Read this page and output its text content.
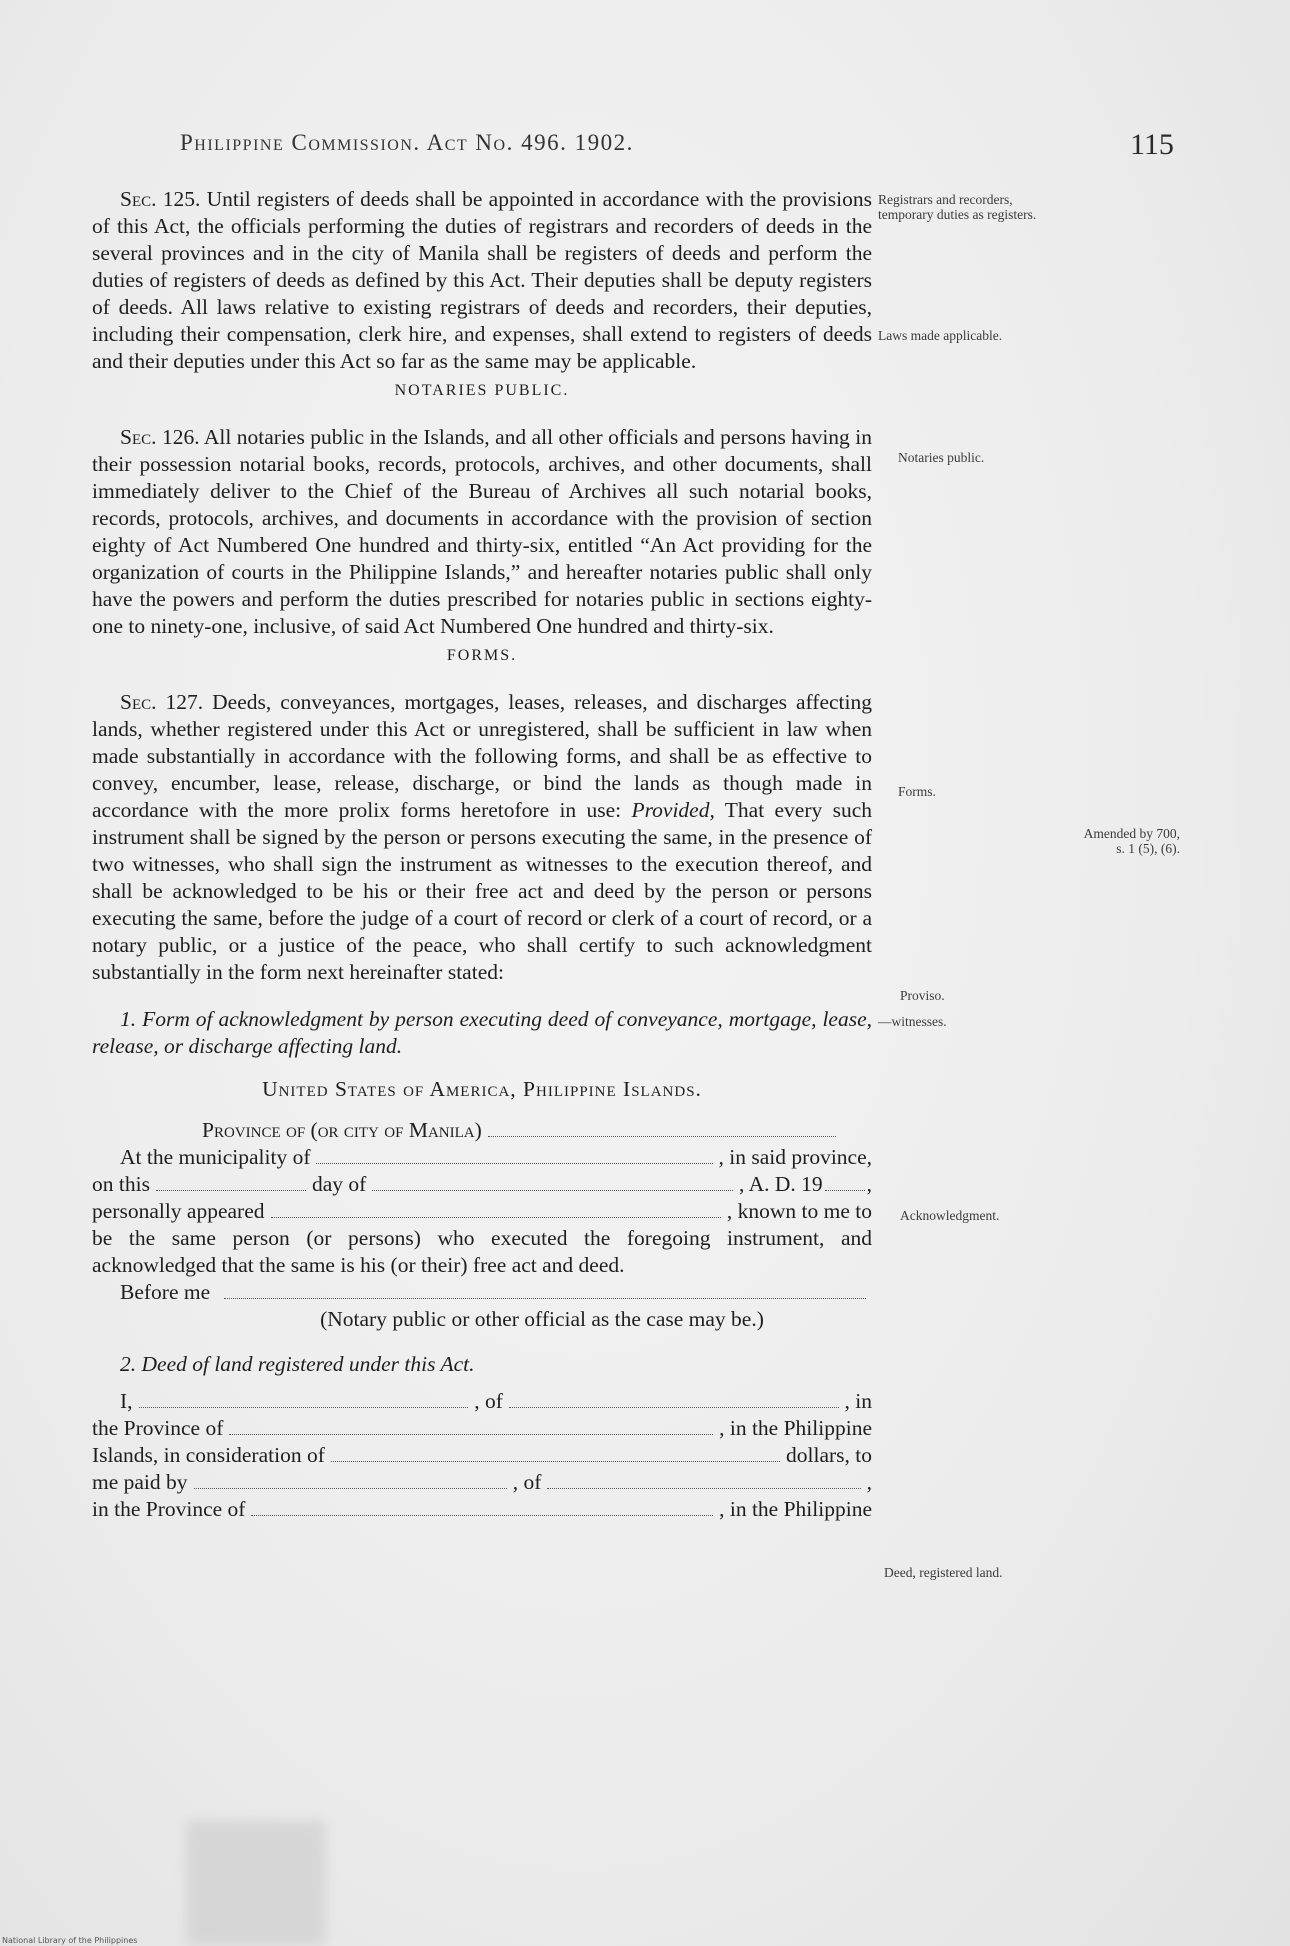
Philippine Commission. Act No. 496. 1902.	115

Sec. 125. Until registers of deeds shall be appointed in accordance with the provisions of this Act, the officials performing the duties of registrars and recorders of deeds in the several provinces and in the city of Manila shall be registers of deeds and perform the duties of registers of deeds as defined by this Act. Their deputies shall be deputy registers of deeds. All laws relative to existing registrars of deeds and recorders, their deputies, including their compensation, clerk hire, and expenses, shall extend to registers of deeds and their deputies under this Act so far as the same may be applicable.

NOTARIES PUBLIC.

Sec. 126. All notaries public in the Islands, and all other officials and persons having in their possession notarial books, records, protocols, archives, and other documents, shall immediately deliver to the Chief of the Bureau of Archives all such notarial books, records, protocols, archives, and documents in accordance with the provision of section eighty of Act Numbered One hundred and thirty-six, entitled “An Act providing for the organization of courts in the Philippine Islands,” and hereafter notaries public shall only have the powers and perform the duties prescribed for notaries public in sections eighty-one to ninety-one, inclusive, of said Act Numbered One hundred and thirty-six.

FORMS.

Sec. 127. Deeds, conveyances, mortgages, leases, releases, and discharges affecting lands, whether registered under this Act or unregistered, shall be sufficient in law when made substantially in accordance with the following forms, and shall be as effective to convey, encumber, lease, release, discharge, or bind the lands as though made in accordance with the more prolix forms heretofore in use: Provided, That every such instrument shall be signed by the person or persons executing the same, in the presence of two witnesses, who shall sign the instrument as witnesses to the execution thereof, and shall be acknowledged to be his or their free act and deed by the person or persons executing the same, before the judge of a court of record or clerk of a court of record, or a notary public, or a justice of the peace, who shall certify to such acknowledgment substantially in the form next hereinafter stated:

1. Form of acknowledgment by person executing deed of conveyance, mortgage, lease, release, or discharge affecting land.

United States of America, Philippine Islands.

Province of (or city of Manila)
At the municipality of	, in said province,
on this	day of	, A. D. 19 ,
personally appeared	, known to me to

be the same person (or persons) who executed the foregoing instrument, and acknowledged that the same is his (or their) free act and deed.

Before me

(Notary public or other official as the case may be.)

2. Deed of land registered under this Act.

I,	, of	, in
the Province of	, in the Philippine
Islands, in consideration of	dollars, to
me paid by	, of	,
in the Province of	, in the Philippine
Registrars and recorders, temporary duties as registers.
Laws made applicable.
Notaries public.
Forms.
Amended by 700, s. 1 (5), (6).
Proviso.
—witnesses.
Acknowledgment.
Deed, registered land.
National Library of the Philippines
